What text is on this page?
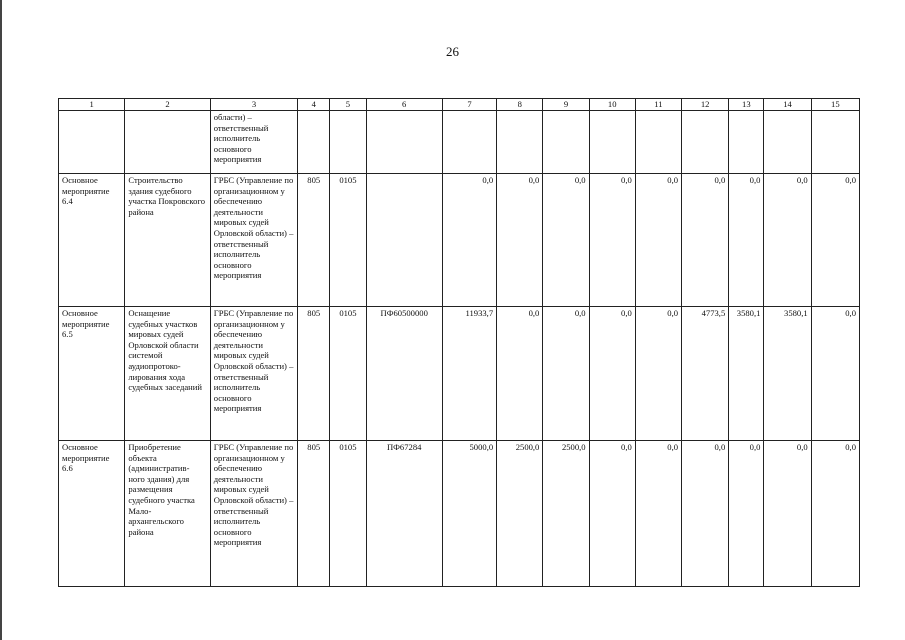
26
1	2	3	4	5	6	7	8	9	10	11	12	13	14	15
		области) – ответственный исполнитель основного мероприятия												
Основное мероприятие 6.4	Строительство здания судебного участка Покровского района	ГРБС (Управление по организационном у обеспечению деятельности мировых судей Орловской области) – ответственный исполнитель основного мероприятия	805	0105		0,0	0,0	0,0	0,0	0,0	0,0	0,0	0,0	0,0
Основное мероприятие 6.5	Оснащение судебных участков мировых судей Орловской области системой аудиопротоко- лирования хода судебных заседаний	ГРБС (Управление по организационном у обеспечению деятельности мировых судей Орловской области) – ответственный исполнитель основного мероприятия	805	0105	ПФ60500000	11933,7	0,0	0,0	0,0	0,0	4773,5	3580,1	3580,1	0,0
Основное мероприятие 6.6	Приобретение объекта (административ- ного здания) для размещения судебного участка Мало- архангельского района	ГРБС (Управление по организационном у обеспечению деятельности мировых судей Орловской области) – ответственный исполнитель основного мероприятия	805	0105	ПФ67284	5000,0	2500,0	2500,0	0,0	0,0	0,0	0,0	0,0	0,0
